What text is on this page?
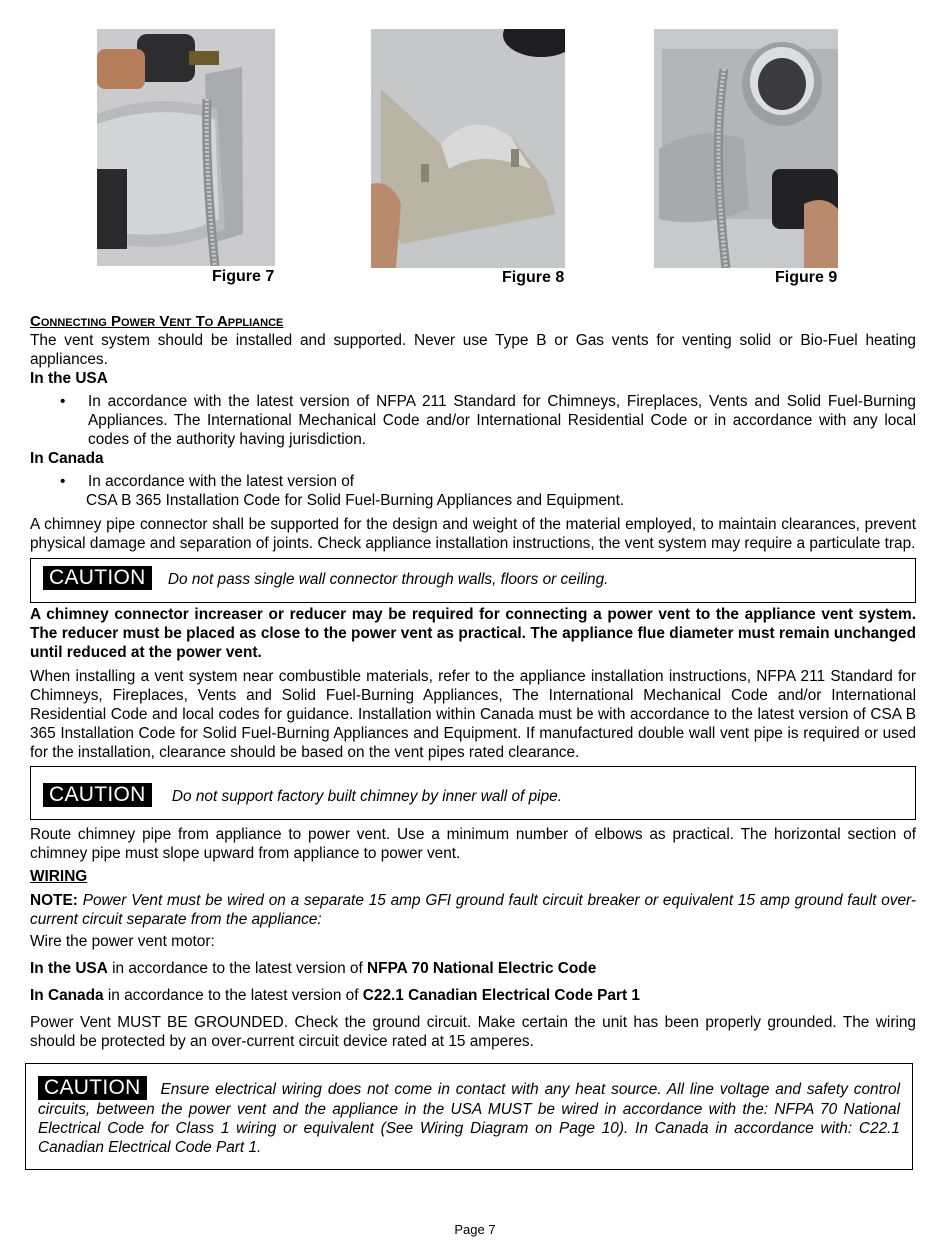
Figure 7	Figure 8	Figure 9

Connecting Power Vent To Appliance

The vent system should be installed and supported. Never use Type B or Gas vents for venting solid or Bio-Fuel heating appliances.

In the USA

• In accordance with the latest version of NFPA 211 Standard for Chimneys, Fireplaces, Vents and Solid Fuel-Burning Appliances. The International Mechanical Code and/or International Residential Code or in accordance with any local codes of the authority having jurisdiction.

In Canada

• In accordance with the latest version of

CSA B 365 Installation Code for Solid Fuel-Burning Appliances and Equipment.

A chimney pipe connector shall be supported for the design and weight of the material employed, to maintain clearances, prevent physical damage and separation of joints. Check appliance installation instructions, the vent system may require a particulate trap.

CAUTION Do not pass single wall connector through walls, floors or ceiling.

A chimney connector increaser or reducer may be required for connecting a power vent to the appliance vent system. The reducer must be placed as close to the power vent as practical. The appliance flue diameter must remain unchanged until reduced at the power vent.

When installing a vent system near combustible materials, refer to the appliance installation instructions, NFPA 211 Standard for Chimneys, Fireplaces, Vents and Solid Fuel-Burning Appliances, The International Mechanical Code and/or International Residential Code and local codes for guidance. Installation within Canada must be with accordance to the latest version of CSA B 365 Installation Code for Solid Fuel-Burning Appliances and Equipment. If manufactured double wall vent pipe is required or used for the installation, clearance should be based on the vent pipes rated clearance.

CAUTION Do not support factory built chimney by inner wall of pipe.

Route chimney pipe from appliance to power vent. Use a minimum number of elbows as practical. The horizontal section of chimney pipe must slope upward from appliance to power vent.

WIRING

NOTE: Power Vent must be wired on a separate 15 amp GFI ground fault circuit breaker or equivalent 15 amp ground fault over-current circuit separate from the appliance:

Wire the power vent motor:

In the USA in accordance to the latest version of NFPA 70 National Electric Code

In Canada in accordance to the latest version of C22.1 Canadian Electrical Code Part 1

Power Vent MUST BE GROUNDED. Check the ground circuit. Make certain the unit has been properly grounded. The wiring should be protected by an over-current circuit device rated at 15 amperes.

CAUTION Ensure electrical wiring does not come in contact with any heat source. All line voltage and safety control circuits, between the power vent and the appliance in the USA MUST be wired in accordance with the: NFPA 70 National Electrical Code for Class 1 wiring or equivalent (See Wiring Diagram on Page 10). In Canada in accordance with: C22.1 Canadian Electrical Code Part 1.

Page 7
